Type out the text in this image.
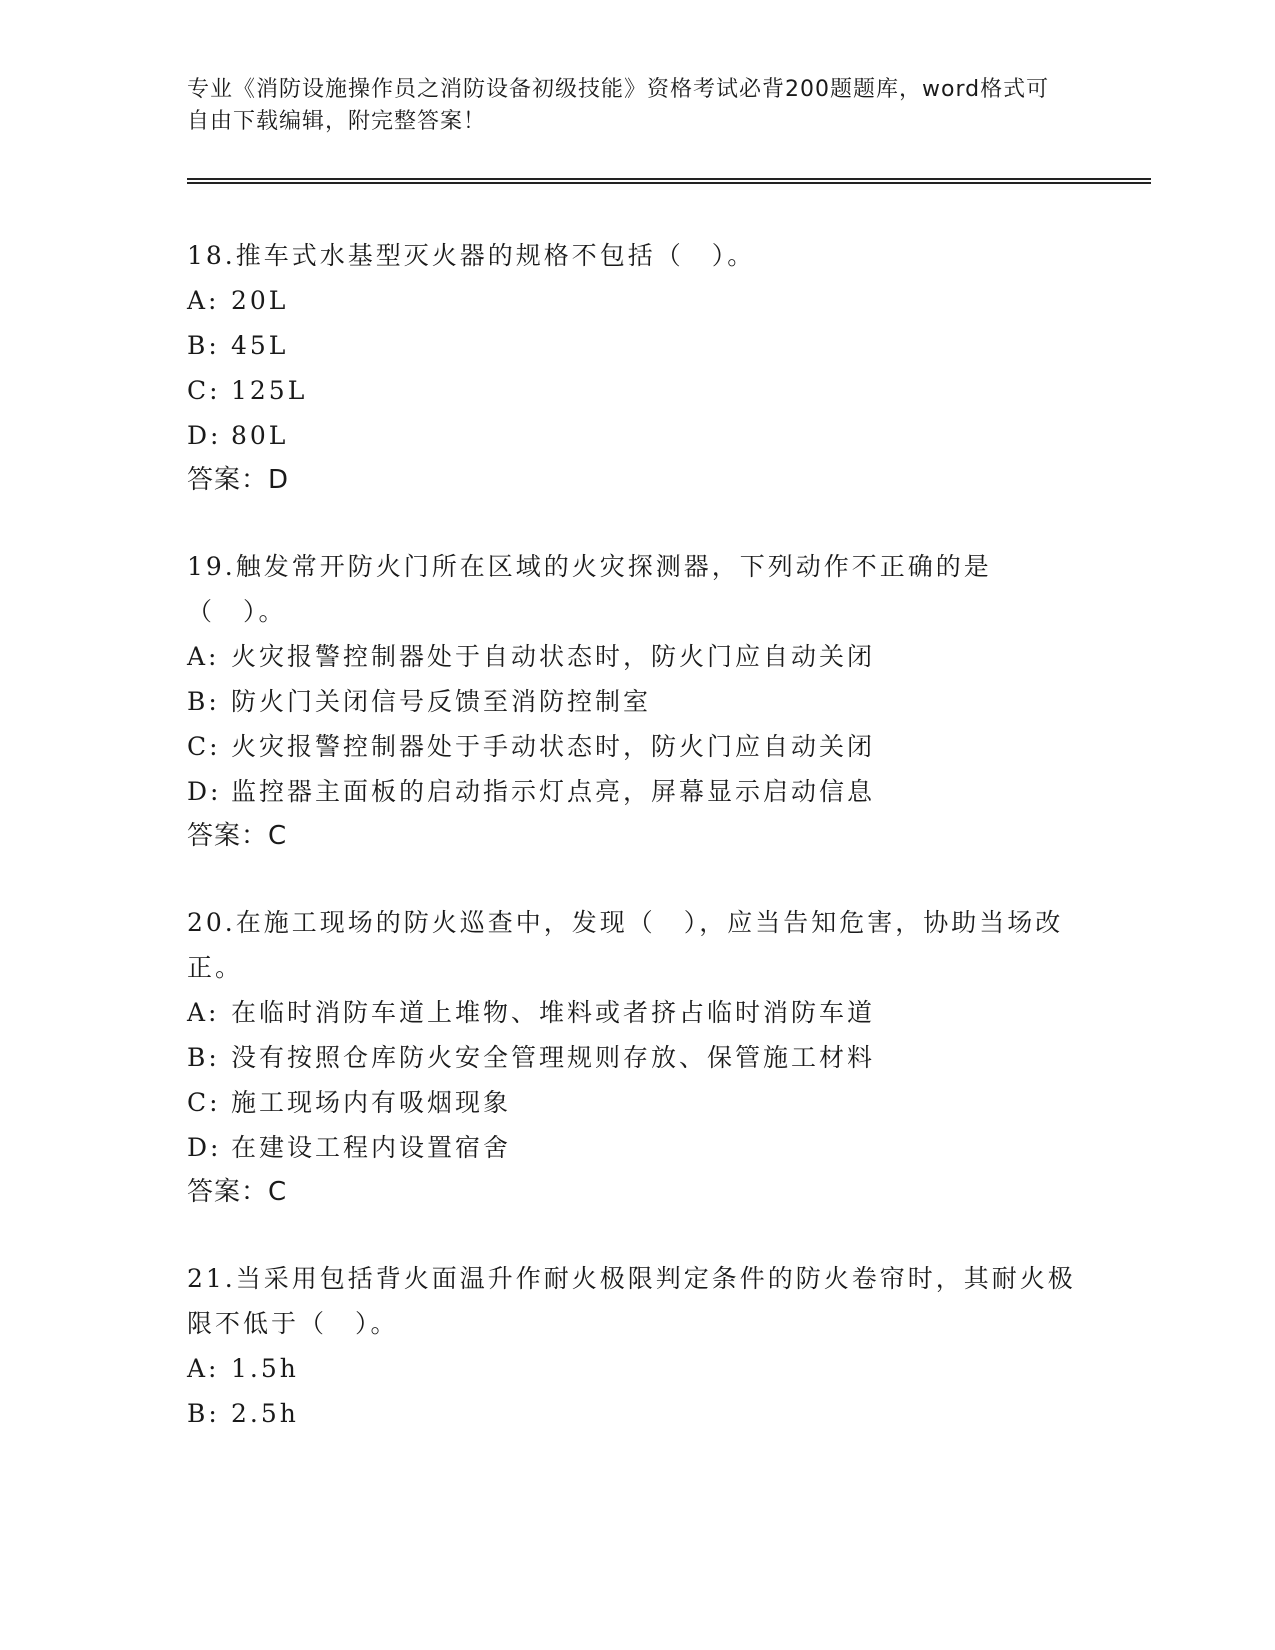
专业《消防设施操作员之消防设备初级技能》资格考试必背200题题库，word格式可自由下载编辑，附完整答案！

18.推车式水基型灭火器的规格不包括（　）。

A: 20L

B: 45L

C: 125L

D: 80L

答案：D

19.触发常开防火门所在区域的火灾探测器，下列动作不正确的是（　）。

A: 火灾报警控制器处于自动状态时，防火门应自动关闭

B: 防火门关闭信号反馈至消防控制室

C: 火灾报警控制器处于手动状态时，防火门应自动关闭

D: 监控器主面板的启动指示灯点亮，屏幕显示启动信息

答案：C

20.在施工现场的防火巡查中，发现（　），应当告知危害，协助当场改正。

A: 在临时消防车道上堆物、堆料或者挤占临时消防车道

B: 没有按照仓库防火安全管理规则存放、保管施工材料

C: 施工现场内有吸烟现象

D: 在建设工程内设置宿舍

答案：C

21.当采用包括背火面温升作耐火极限判定条件的防火卷帘时，其耐火极限不低于（　）。

A: 1.5h

B: 2.5h
